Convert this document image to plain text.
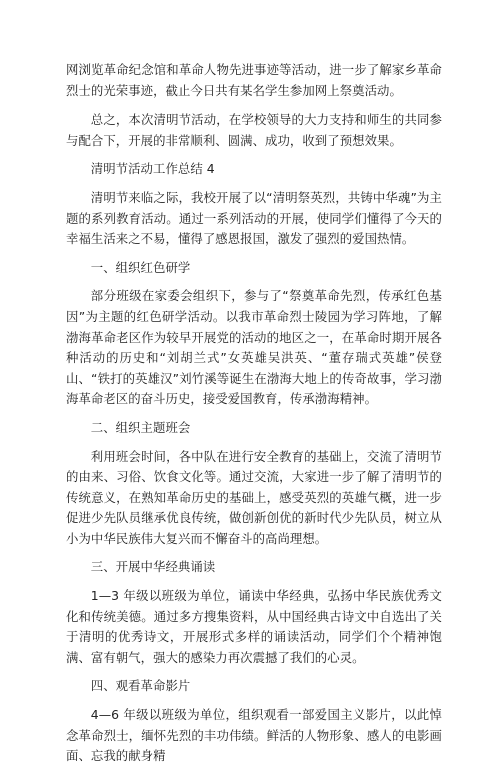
网浏览革命纪念馆和革命人物先进事迹等活动，进一步了解家乡革命烈士的光荣事迹，截止今日共有某名学生参加网上祭奠活动。

总之，本次清明节活动，在学校领导的大力支持和师生的共同参与配合下，开展的非常顺利、圆满、成功，收到了预想效果。

清明节活动工作总结 4

清明节来临之际，我校开展了以“清明祭英烈，共铸中华魂”为主题的系列教育活动。通过一系列活动的开展，使同学们懂得了今天的幸福生活来之不易，懂得了感恩报国，激发了强烈的爱国热情。

一、组织红色研学

部分班级在家委会组织下，参与了“祭奠革命先烈，传承红色基因”为主题的红色研学活动。以我市革命烈士陵园为学习阵地，了解渤海革命老区作为较早开展党的活动的地区之一，在革命时期开展各种活动的历史和“刘胡兰式”女英雄吴洪英、“董存瑞式英雄”侯登山、“铁打的英雄汉”刘竹溪等诞生在渤海大地上的传奇故事，学习渤海革命老区的奋斗历史，接受爱国教育，传承渤海精神。

二、组织主题班会

利用班会时间，各中队在进行安全教育的基础上，交流了清明节的由来、习俗、饮食文化等。通过交流，大家进一步了解了清明节的传统意义，在熟知革命历史的基础上，感受英烈的英雄气概，进一步促进少先队员继承优良传统，做创新创优的新时代少先队员，树立从小为中华民族伟大复兴而不懈奋斗的高尚理想。

三、开展中华经典诵读

1—3 年级以班级为单位，诵读中华经典，弘扬中华民族优秀文化和传统美德。通过多方搜集资料，从中国经典古诗文中自选出了关于清明的优秀诗文，开展形式多样的诵读活动，同学们个个精神饱满、富有朝气，强大的感染力再次震撼了我们的心灵。

四、观看革命影片

4—6 年级以班级为单位，组织观看一部爱国主义影片，以此悼念革命烈士，缅怀先烈的丰功伟绩。鲜活的人物形象、感人的电影画面、忘我的献身精
